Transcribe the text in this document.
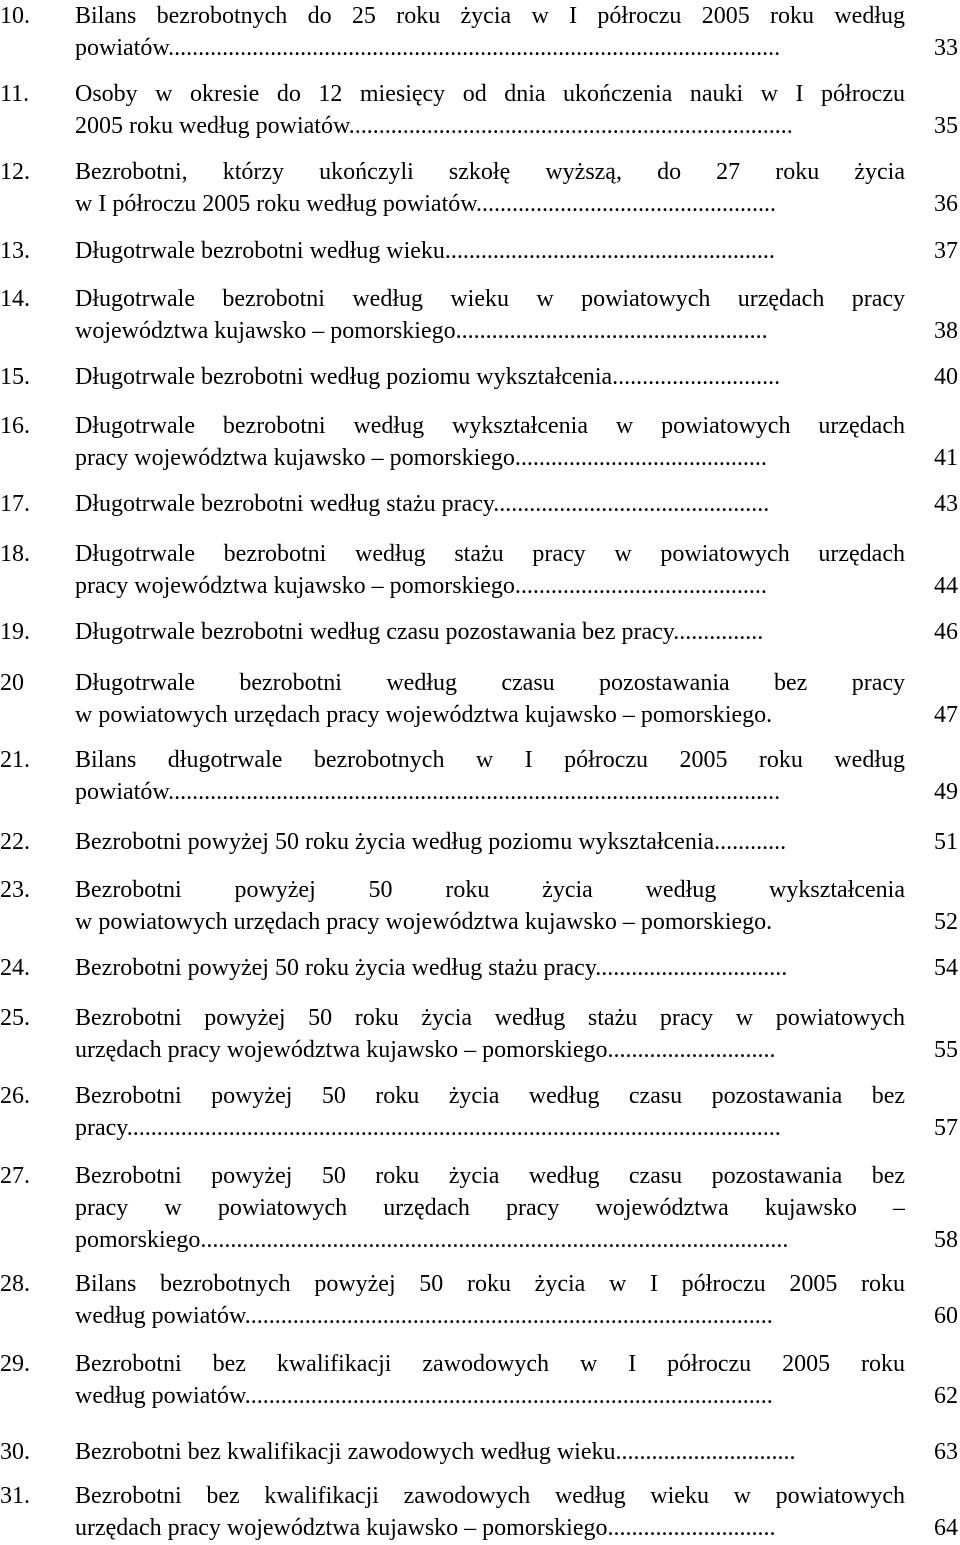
10. Bilans bezrobotnych do 25 roku życia w I półroczu 2005 roku według
powiatów......................................................................................................	33
11. Osoby w okresie do 12 miesięcy od dnia ukończenia nauki w I półroczu
2005 roku według powiatów..........................................................................	35
12. Bezrobotni, którzy ukończyli szkołę wyższą, do 27 roku życia
w I półroczu 2005 roku według powiatów..................................................	36
13. Długotrwale bezrobotni według wieku.......................................................	37
14. Długotrwale bezrobotni według wieku w powiatowych urzędach pracy
województwa kujawsko – pomorskiego....................................................	38
15. Długotrwale bezrobotni według poziomu wykształcenia............................	40
16. Długotrwale bezrobotni według wykształcenia w powiatowych urzędach
pracy województwa kujawsko – pomorskiego..........................................	41
17. Długotrwale bezrobotni według stażu pracy..............................................	43
18. Długotrwale bezrobotni według stażu pracy w powiatowych urzędach
pracy województwa kujawsko – pomorskiego..........................................	44
19. Długotrwale bezrobotni według czasu pozostawania bez pracy...............	46
20 Długotrwale bezrobotni według czasu pozostawania bez pracy
w powiatowych urzędach pracy województwa kujawsko – pomorskiego.	47
21. Bilans długotrwale bezrobotnych w I półroczu 2005 roku według
powiatów......................................................................................................	49
22. Bezrobotni powyżej 50 roku życia według poziomu wykształcenia............	51
23. Bezrobotni powyżej 50 roku życia według wykształcenia
w powiatowych urzędach pracy województwa kujawsko – pomorskiego.	52
24. Bezrobotni powyżej 50 roku życia według stażu pracy................................	54
25. Bezrobotni powyżej 50 roku życia według stażu pracy w powiatowych
urzędach pracy województwa kujawsko – pomorskiego............................	55
26. Bezrobotni powyżej 50 roku życia według czasu pozostawania bez
pracy.............................................................................................................	57
27. Bezrobotni powyżej 50 roku życia według czasu pozostawania bez
pracy w powiatowych urzędach pracy województwa kujawsko –
pomorskiego..................................................................................................	58
28. Bilans bezrobotnych powyżej 50 roku życia w I półroczu 2005 roku
według powiatów........................................................................................	60
29. Bezrobotni bez kwalifikacji zawodowych w I półroczu 2005 roku
według powiatów........................................................................................	62
30. Bezrobotni bez kwalifikacji zawodowych według wieku..............................	63
31. Bezrobotni bez kwalifikacji zawodowych według wieku w powiatowych
urzędach pracy województwa kujawsko – pomorskiego............................	64
